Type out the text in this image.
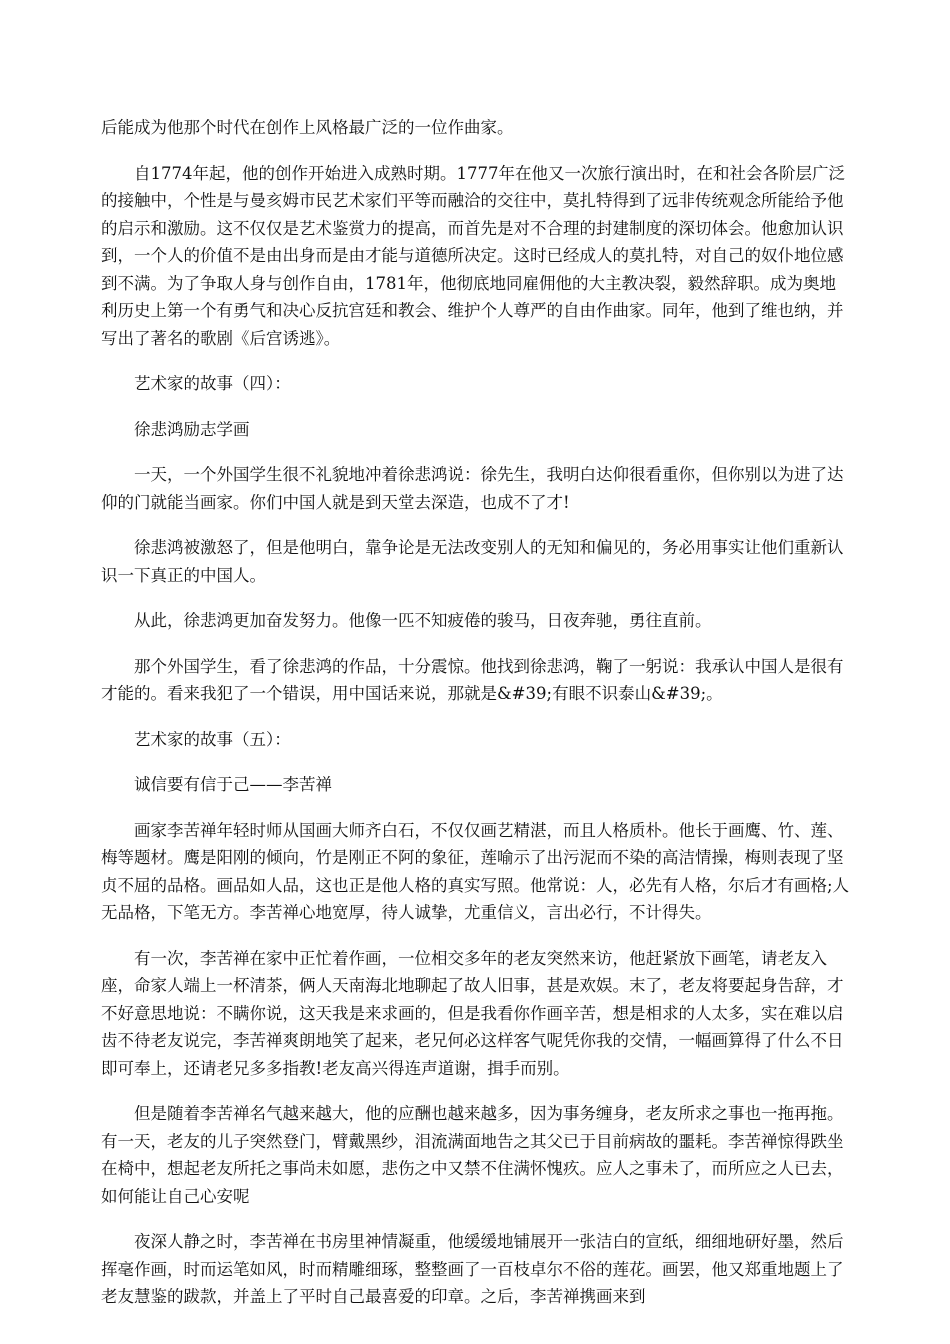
后能成为他那个时代在创作上风格最广泛的一位作曲家。

自1774年起，他的创作开始进入成熟时期。1777年在他又一次旅行演出时，在和社会各阶层广泛的接触中，个性是与曼亥姆市民艺术家们平等而融洽的交往中，莫扎特得到了远非传统观念所能给予他的启示和激励。这不仅仅是艺术鉴赏力的提高，而首先是对不合理的封建制度的深切体会。他愈加认识到，一个人的价值不是由出身而是由才能与道德所决定。这时已经成人的莫扎特，对自己的奴仆地位感到不满。为了争取人身与创作自由，1781年，他彻底地同雇佣他的大主教决裂，毅然辞职。成为奥地利历史上第一个有勇气和决心反抗宫廷和教会、维护个人尊严的自由作曲家。同年，他到了维也纳，并写出了著名的歌剧《后宫诱逃》。

艺术家的故事（四）：

徐悲鸿励志学画

一天，一个外国学生很不礼貌地冲着徐悲鸿说：徐先生，我明白达仰很看重你，但你别以为进了达仰的门就能当画家。你们中国人就是到天堂去深造，也成不了才!

徐悲鸿被激怒了，但是他明白，靠争论是无法改变别人的无知和偏见的，务必用事实让他们重新认识一下真正的中国人。

从此，徐悲鸿更加奋发努力。他像一匹不知疲倦的骏马，日夜奔驰，勇往直前。

那个外国学生，看了徐悲鸿的作品，十分震惊。他找到徐悲鸿，鞠了一躬说：我承认中国人是很有才能的。看来我犯了一个错误，用中国话来说，那就是&#39;有眼不识泰山&#39;。

艺术家的故事（五）：

诚信要有信于己——李苦禅

画家李苦禅年轻时师从国画大师齐白石，不仅仅画艺精湛，而且人格质朴。他长于画鹰、竹、莲、梅等题材。鹰是阳刚的倾向，竹是刚正不阿的象征，莲喻示了出污泥而不染的高洁情操，梅则表现了坚贞不屈的品格。画品如人品，这也正是他人格的真实写照。他常说：人，必先有人格，尔后才有画格;人无品格，下笔无方。李苦禅心地宽厚，待人诚挚，尤重信义，言出必行，不计得失。

有一次，李苦禅在家中正忙着作画，一位相交多年的老友突然来访，他赶紧放下画笔，请老友入座，命家人端上一杯清茶，俩人天南海北地聊起了故人旧事，甚是欢娱。末了，老友将要起身告辞，才不好意思地说：不瞒你说，这天我是来求画的，但是我看你作画辛苦，想是相求的人太多，实在难以启齿不待老友说完，李苦禅爽朗地笑了起来，老兄何必这样客气呢凭你我的交情，一幅画算得了什么不日即可奉上，还请老兄多多指教!老友高兴得连声道谢，揖手而别。

但是随着李苦禅名气越来越大，他的应酬也越来越多，因为事务缠身，老友所求之事也一拖再拖。有一天，老友的儿子突然登门，臂戴黑纱，泪流满面地告之其父已于目前病故的噩耗。李苦禅惊得跌坐在椅中，想起老友所托之事尚未如愿，悲伤之中又禁不住满怀愧疚。应人之事未了，而所应之人已去，如何能让自己心安呢

夜深人静之时，李苦禅在书房里神情凝重，他缓缓地铺展开一张洁白的宣纸，细细地研好墨，然后挥毫作画，时而运笔如风，时而精雕细琢，整整画了一百枝卓尔不俗的莲花。画罢，他又郑重地题上了老友慧鉴的跋款，并盖上了平时自己最喜爱的印章。之后，李苦禅携画来到
